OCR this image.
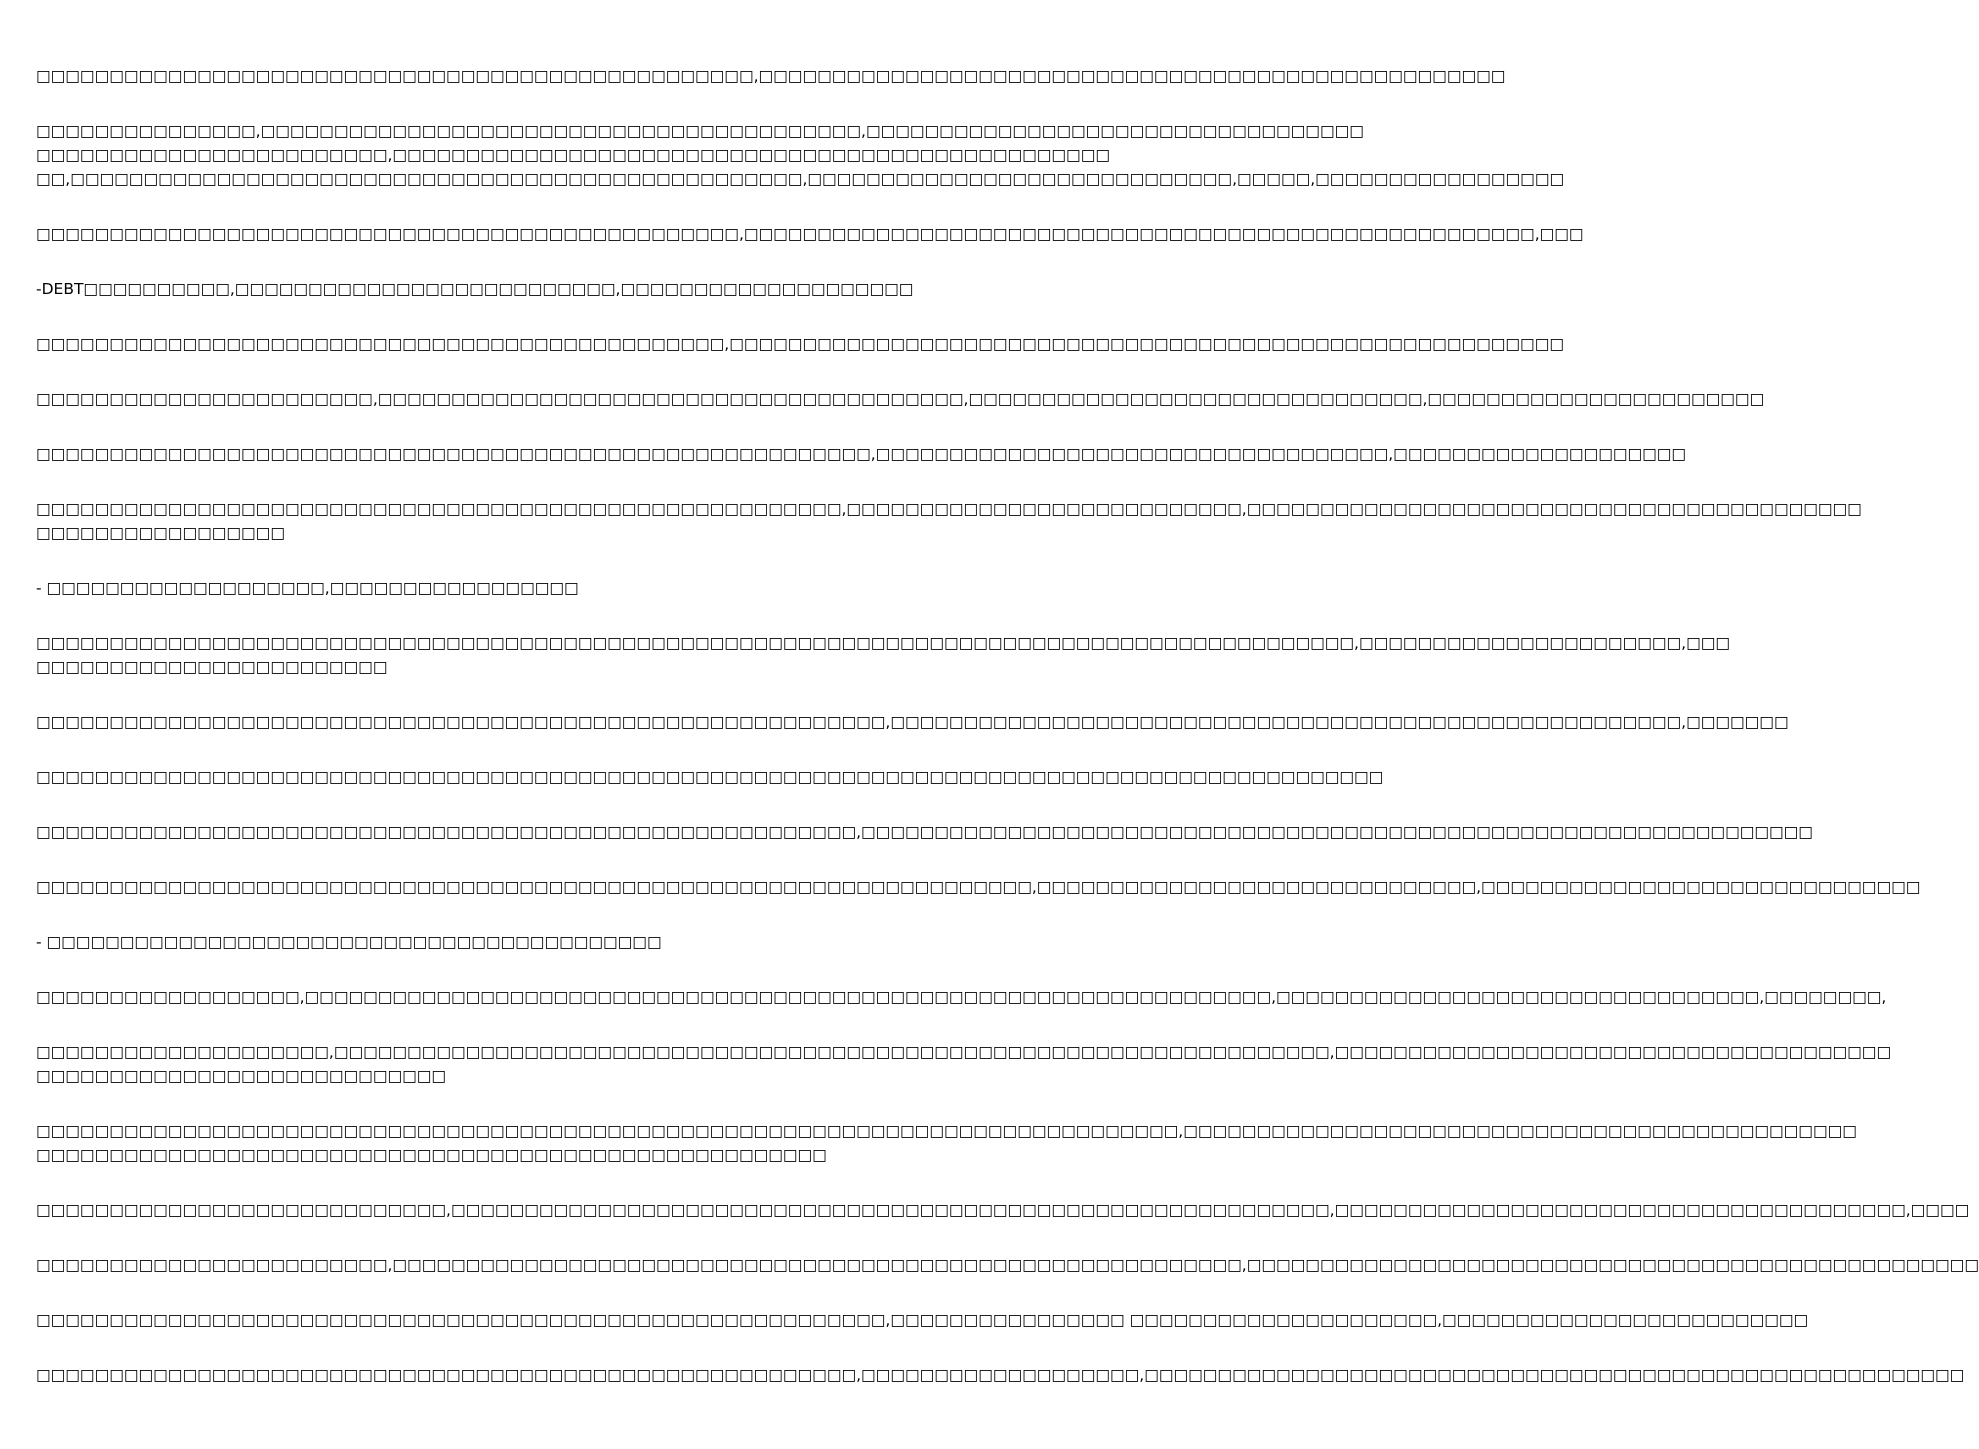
□□□□□□□□□□□□□□□□□□□□□□□□□□□□□□□□□□□□□□□□□□□□□□□□□,□□□□□□□□□□□□□□□□□□□□□□□□□□□□□□□□□□□□□□□□□□□□□□□□□□□

□□□□□□□□□□□□□□□,□□□□□□□□□□□□□□□□□□□□□□□□□□□□□□□□□□□□□□□□□,□□□□□□□□□□□□□□□□□□□□□□□□□□□□□□□□□□
□□□□□□□□□□□□□□□□□□□□□□□□,□□□□□□□□□□□□□□□□□□□□□□□□□□□□□□□□□□□□□□□□□□□□□□□□□
□□,□□□□□□□□□□□□□□□□□□□□□□□□□□□□□□□□□□□□□□□□□□□□□□□□□□,□□□□□□□□□□□□□□□□□□□□□□□□□□□□□,□□□□□,□□□□□□□□□□□□□□□□□

□□□□□□□□□□□□□□□□□□□□□□□□□□□□□□□□□□□□□□□□□□□□□□□□,□□□□□□□□□□□□□□□□□□□□□□□□□□□□□□□□□□□□□□□□□□□□□□□□□□□□□□,□□□

-DEBT□□□□□□□□□□,□□□□□□□□□□□□□□□□□□□□□□□□□□,□□□□□□□□□□□□□□□□□□□□

□□□□□□□□□□□□□□□□□□□□□□□□□□□□□□□□□□□□□□□□□□□□□□□,□□□□□□□□□□□□□□□□□□□□□□□□□□□□□□□□□□□□□□□□□□□□□□□□□□□□□□□□□

□□□□□□□□□□□□□□□□□□□□□□□,□□□□□□□□□□□□□□□□□□□□□□□□□□□□□□□□□□□□□□□□,□□□□□□□□□□□□□□□□□□□□□□□□□□□□□□□,□□□□□□□□□□□□□□□□□□□□□□□

□□□□□□□□□□□□□□□□□□□□□□□□□□□□□□□□□□□□□□□□□□□□□□□□□□□□□□□□□,□□□□□□□□□□□□□□□□□□□□□□□□□□□□□□□□□□□,□□□□□□□□□□□□□□□□□□□□

□□□□□□□□□□□□□□□□□□□□□□□□□□□□□□□□□□□□□□□□□□□□□□□□□□□□□□□,□□□□□□□□□□□□□□□□□□□□□□□□□□□,□□□□□□□□□□□□□□□□□□□□□□□□□□□□□□□□□□□□□□□□□□
□□□□□□□□□□□□□□□□□

- □□□□□□□□□□□□□□□□□□□,□□□□□□□□□□□□□□□□□

□□□□□□□□□□□□□□□□□□□□□□□□□□□□□□□□□□□□□□□□□□□□□□□□□□□□□□□□□□□□□□□□□□□□□□□□□□□□□□□□□□□□□□□□□□,□□□□□□□□□□□□□□□□□□□□□□,□□□
□□□□□□□□□□□□□□□□□□□□□□□□

□□□□□□□□□□□□□□□□□□□□□□□□□□□□□□□□□□□□□□□□□□□□□□□□□□□□□□□□□□,□□□□□□□□□□□□□□□□□□□□□□□□□□□□□□□□□□□□□□□□□□□□□□□□□□□□□□,□□□□□□□

□□□□□□□□□□□□□□□□□□□□□□□□□□□□□□□□□□□□□□□□□□□□□□□□□□□□□□□□□□□□□□□□□□□□□□□□□□□□□□□□□□□□□□□□□□□□

□□□□□□□□□□□□□□□□□□□□□□□□□□□□□□□□□□□□□□□□□□□□□□□□□□□□□□□□,□□□□□□□□□□□□□□□□□□□□□□□□□□□□□□□□□□□□□□□□□□□□□□□□□□□□□□□□□□□□□□□□□

□□□□□□□□□□□□□□□□□□□□□□□□□□□□□□□□□□□□□□□□□□□□□□□□□□□□□□□□□□□□□□□□□□□□,□□□□□□□□□□□□□□□□□□□□□□□□□□□□□□,□□□□□□□□□□□□□□□□□□□□□□□□□□□□□□

- □□□□□□□□□□□□□□□□□□□□□□□□□□□□□□□□□□□□□□□□□□

□□□□□□□□□□□□□□□□□□,□□□□□□□□□□□□□□□□□□□□□□□□□□□□□□□□□□□□□□□□□□□□□□□□□□□□□□□□□□□□□□□□□□,□□□□□□□□□□□□□□□□□□□□□□□□□□□□□□□□□,□□□□□□□□,

□□□□□□□□□□□□□□□□□□□□,□□□□□□□□□□□□□□□□□□□□□□□□□□□□□□□□□□□□□□□□□□□□□□□□□□□□□□□□□□□□□□□□□□□□,□□□□□□□□□□□□□□□□□□□□□□□□□□□□□□□□□□□□□□
□□□□□□□□□□□□□□□□□□□□□□□□□□□□

□□□□□□□□□□□□□□□□□□□□□□□□□□□□□□□□□□□□□□□□□□□□□□□□□□□□□□□□□□□□□□□□□□□□□□□□□□□□□□,□□□□□□□□□□□□□□□□□□□□□□□□□□□□□□□□□□□□□□□□□□□□□□
□□□□□□□□□□□□□□□□□□□□□□□□□□□□□□□□□□□□□□□□□□□□□□□□□□□□□□

□□□□□□□□□□□□□□□□□□□□□□□□□□□□,□□□□□□□□□□□□□□□□□□□□□□□□□□□□□□□□□□□□□□□□□□□□□□□□□□□□□□□□□□□□,□□□□□□□□□□□□□□□□□□□□□□□□□□□□□□□□□□□□□□□,□□□□

□□□□□□□□□□□□□□□□□□□□□□□□,□□□□□□□□□□□□□□□□□□□□□□□□□□□□□□□□□□□□□□□□□□□□□□□□□□□□□□□□□□,□□□□□□□□□□□□□□□□□□□□□□□□□□□□□□□□□□□□□□□□□□□□□□□□□□

□□□□□□□□□□□□□□□□□□□□□□□□□□□□□□□□□□□□□□□□□□□□□□□□□□□□□□□□□□,□□□□□□□□□□□□□□□□ □□□□□□□□□□□□□□□□□□□□□,□□□□□□□□□□□□□□□□□□□□□□□□□

□□□□□□□□□□□□□□□□□□□□□□□□□□□□□□□□□□□□□□□□□□□□□□□□□□□□□□□□,□□□□□□□□□□□□□□□□□□□,□□□□□□□□□□□□□□□□□□□□□□□□□□□□□□□□□□□□□□□□□□□□□□□□□□□□□□□□
